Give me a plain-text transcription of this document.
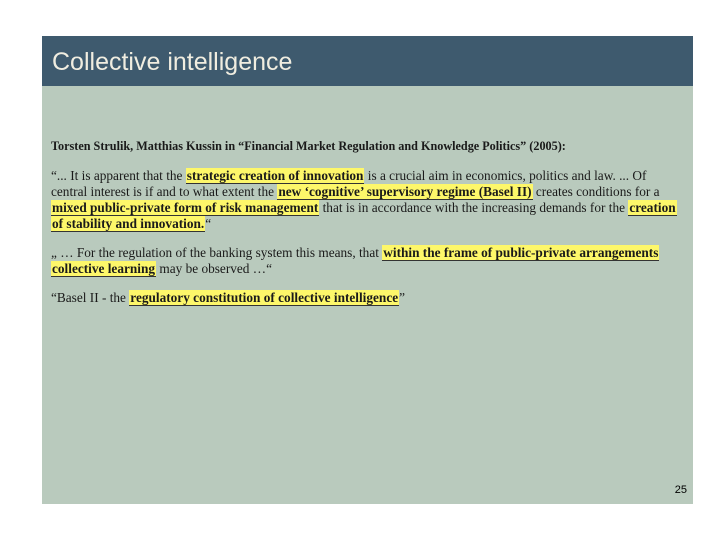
Collective intelligence

Torsten Strulik, Matthias Kussin in “Financial Market Regulation and Knowledge Politics” (2005):

“... It is apparent that the strategic creation of innovation is a crucial aim in economics, politics and law. ... Of central interest is if and to what extent the new ‘cognitive’ supervisory regime (Basel II) creates conditions for a mixed public-private form of risk management that is in accordance with the increasing demands for the creation of stability and innovation.“

„ … For the regulation of the banking system this means, that within the frame of public-private arrangements collective learning may be observed …“

“Basel II - the regulatory constitution of collective intelligence”

25
